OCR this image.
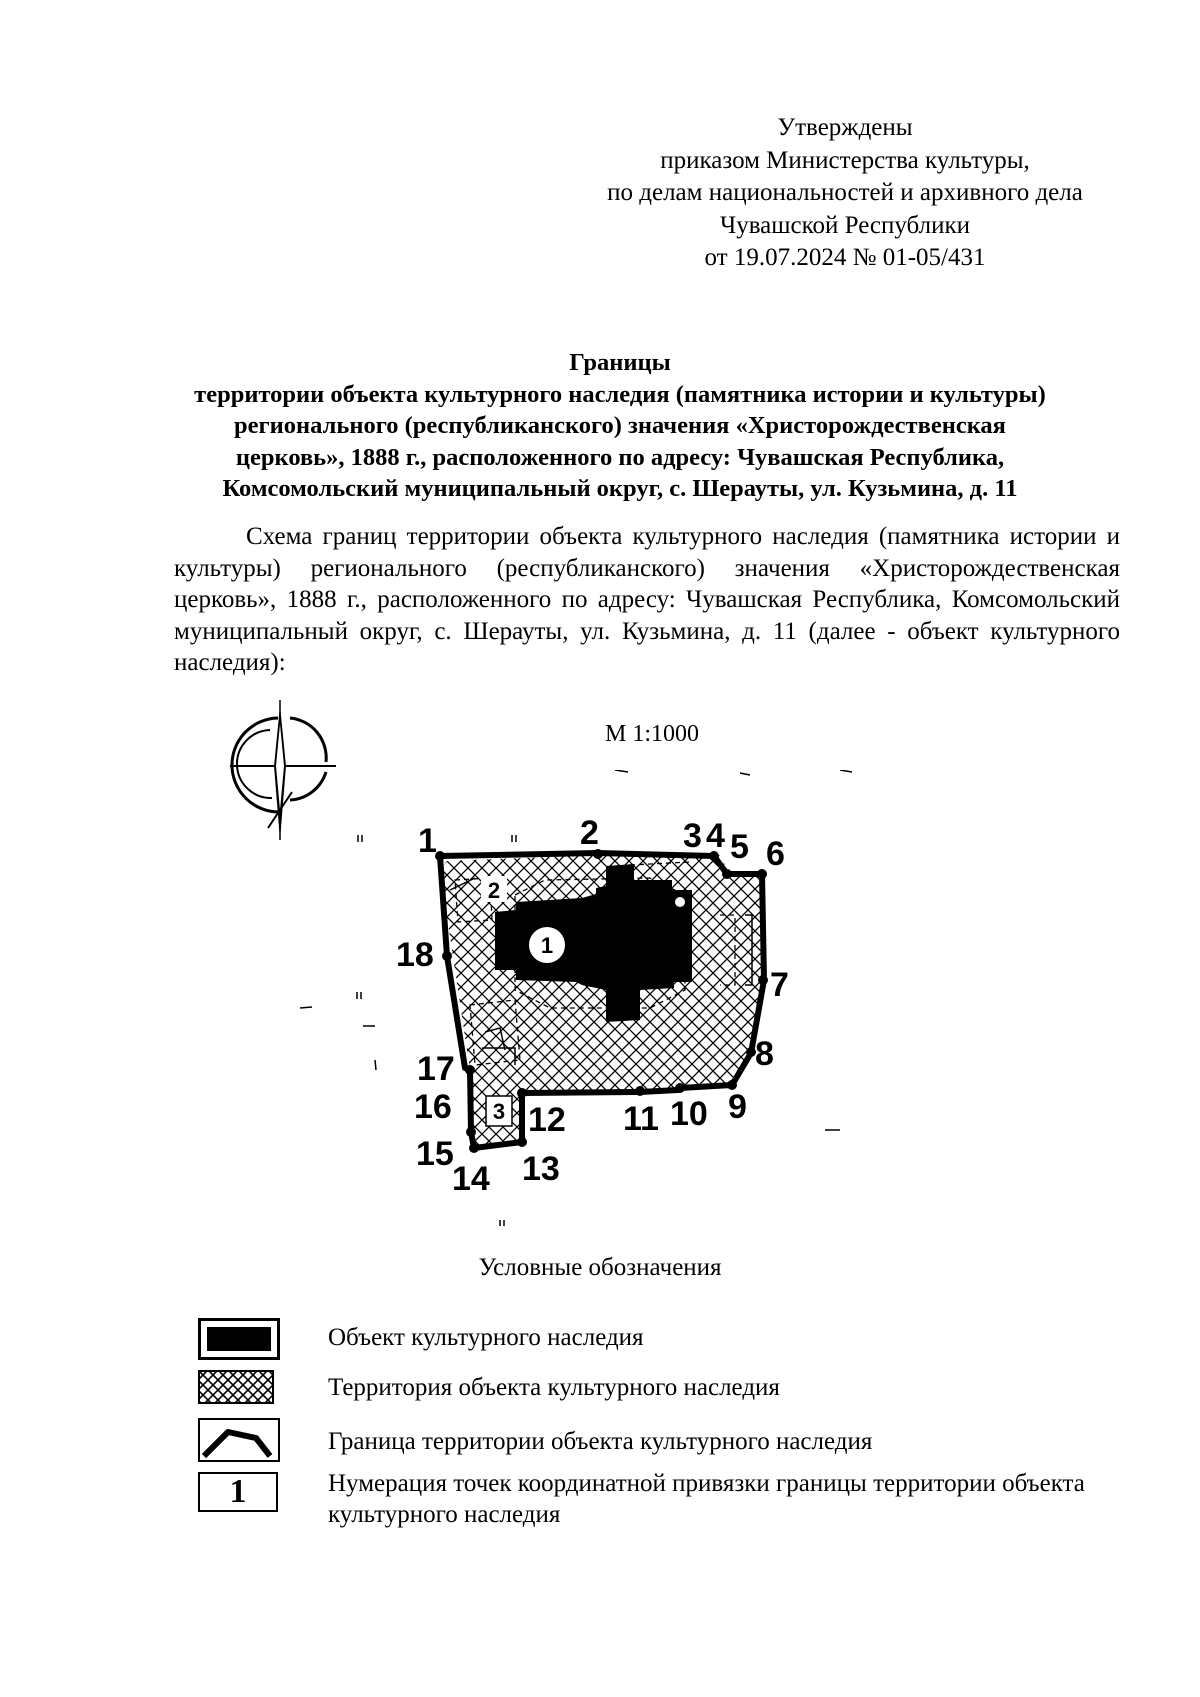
Утверждены
приказом Министерства культуры,
по делам национальностей и архивного дела
Чувашской Республики
от 19.07.2024 № 01-05/431
Границы
территории объекта культурного наследия (памятника истории и культуры)
регионального (республиканского) значения «Христорождественская
церковь», 1888 г., расположенного по адресу: Чувашская Республика,
Комсомольский муниципальный округ, с. Шерауты, ул. Кузьмина, д. 11

Схема границ территории объекта культурного наследия (памятника истории и культуры) регионального (республиканского) значения «Христорождественская церковь», 1888 г., расположенного по адресу: Чувашская Республика, Комсомольский муниципальный округ, с. Шерауты, ул. Кузьмина, д. 11 (далее - объект культурного наследия):

М 1:1000
1
2
3
1	2 3 4 5 6
7
8
9
10
11
12
13
14
15
16
17
18
Условные обозначения
Объект культурного наследия
Территория объекта культурного наследия
Граница территории объекта культурного наследия
1	Нумерация точек координатной привязки границы территории объекта культурного наследия
